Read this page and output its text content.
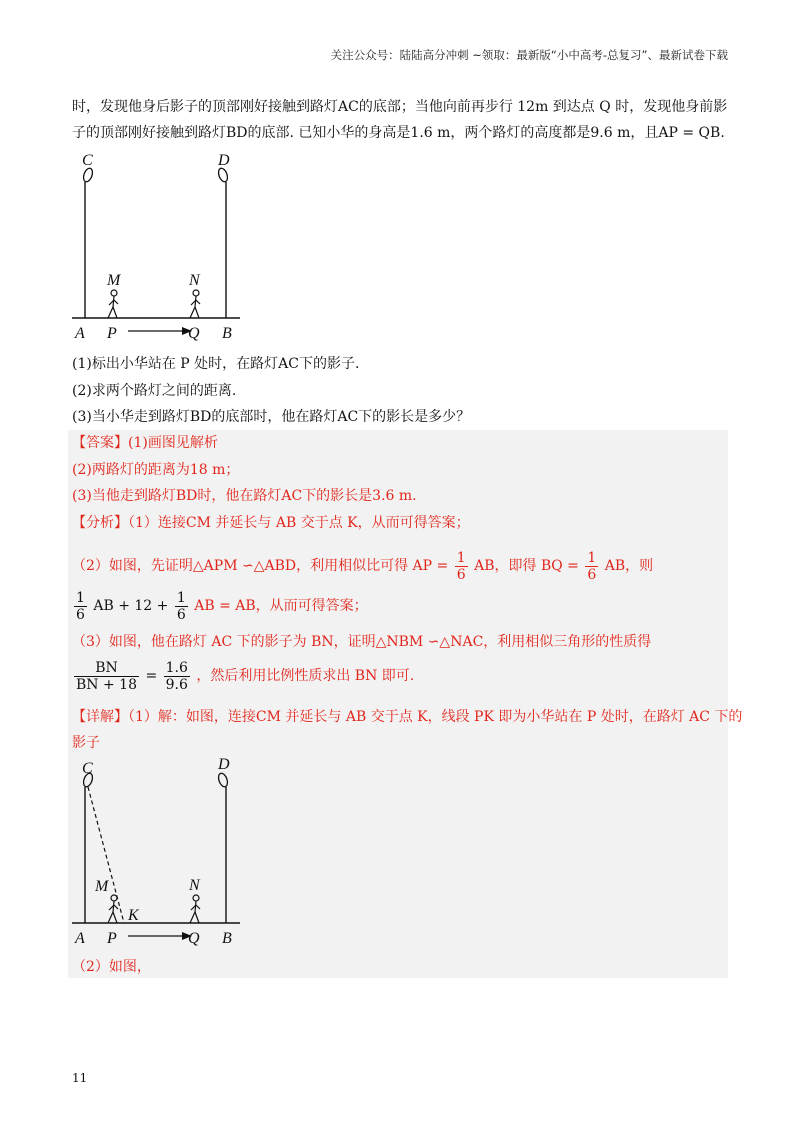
关注公众号：陆陆高分冲刺 ~领取：最新版“小中高考-总复习”、最新试卷下载
时，发现他身后影子的顶部刚好接触到路灯AC的底部；当他向前再步行 12m 到达点 Q 时，发现他身前影
子的顶部刚好接触到路灯BD的底部. 已知小华的身高是1.6 m，两个路灯的高度都是9.6 m，且AP = QB.
C	D
M	N
A P	Q B
(1)标出小华站在 P 处时，在路灯AC下的影子.
(2)求两个路灯之间的距离.
(3)当小华走到路灯BD的底部时，他在路灯AC下的影长是多少？
【答案】(1)画图见解析
(2)两路灯的距离为18 m；
(3)当他走到路灯BD时，他在路灯AC下的影长是3.6 m.
【分析】（1）连接CM 并延长与 AB 交于点 K，从而可得答案；
（2）如图，先证明△APM ∽△ABD，利用相似比可得 AP = $\frac{1}{6}$ AB，即得 BQ = $\frac{1}{6}$ AB，则
$\frac{1}{6}$ AB + $12 + \frac{1}{6}$ AB = AB，从而可得答案；
（3）如图，他在路灯 AC 下的影子为 BN，证明△NBM ∽△NAC，利用相似三角形的性质得
$\frac{BN}{BN + 18} = \frac{1.6}{9.6}$ ，然后利用比例性质求出 BN 即可.
【详解】（1）解：如图，连接CM 并延长与 AB 交于点 K，线段 PK 即为小华站在 P 处时，在路灯 AC 下的
影子
C	D
M	N
K
A P	Q B
（2）如图，
11
